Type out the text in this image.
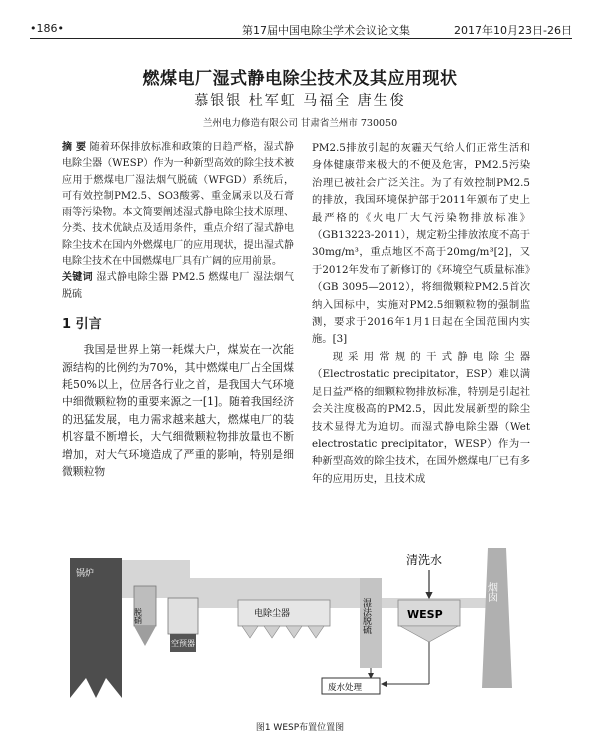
•186•	第17届中国电除尘学术会议论文集	2017年10月23日-26日
燃煤电厂湿式静电除尘技术及其应用现状
慕银银 杜军虹 马福全 唐生俊
兰州电力修造有限公司 甘肃省兰州市 730050

摘 要 随着环保排放标准和政策的日趋严格，湿式静电除尘器（WESP）作为一种新型高效的除尘技术被应用于燃煤电厂湿法烟气脱硫（WFGD）系统后，可有效控制PM2.5、SO3酸雾、重金属汞以及石膏雨等污染物。本文简要阐述湿式静电除尘技术原理、分类、技术优缺点及适用条件，重点介绍了湿式静电除尘技术在国内外燃煤电厂的应用现状，提出湿式静电除尘技术在中国燃煤电厂具有广阔的应用前景。

关键词 湿式静电除尘器 PM2.5 燃煤电厂 湿法烟气脱硫

1 引言

我国是世界上第一耗煤大户，煤炭在一次能源结构的比例约为70%，其中燃煤电厂占全国煤耗50%以上，位居各行业之首，是我国大气环境中细微颗粒物的重要来源之一[1]。随着我国经济的迅猛发展，电力需求越来越大，燃煤电厂的装机容量不断增长，大气细微颗粒物排放量也不断增加，对大气环境造成了严重的影响，特别是细微颗粒物

PM2.5排放引起的灰霾天气给人们正常生活和身体健康带来极大的不便及危害，PM2.5污染治理已被社会广泛关注。为了有效控制PM2.5的排放，我国环境保护部于2011年颁布了史上最严格的《火电厂大气污染物排放标准》（GB13223-2011），规定粉尘排放浓度不高于30mg/m³，重点地区不高于20mg/m³[2]，又于2012年发布了新修订的《环境空气质量标准》（GB 3095—2012），将细微颗粒PM2.5首次纳入国标中，实施对PM2.5细颗粒物的强制监测，要求于2016年1月1日起在全国范围内实施。[3]

现采用常规的干式静电除尘器（Electrostatic precipitator，ESP）难以满足日益严格的细颗粒物排放标准，特别是引起社会关注度极高的PM2.5，因此发展新型的除尘技术显得尤为迫切。而湿式静电除尘器（Wet electrostatic precipitator，WESP）作为一种新型高效的除尘技术，在国外燃煤电厂已有多年的应用历史，且技术成

锅炉
脱硝
空预器
电除尘器	湿法脱硫	WESP
清洗水
烟囱
废水处理
图1 WESP布置位置图
